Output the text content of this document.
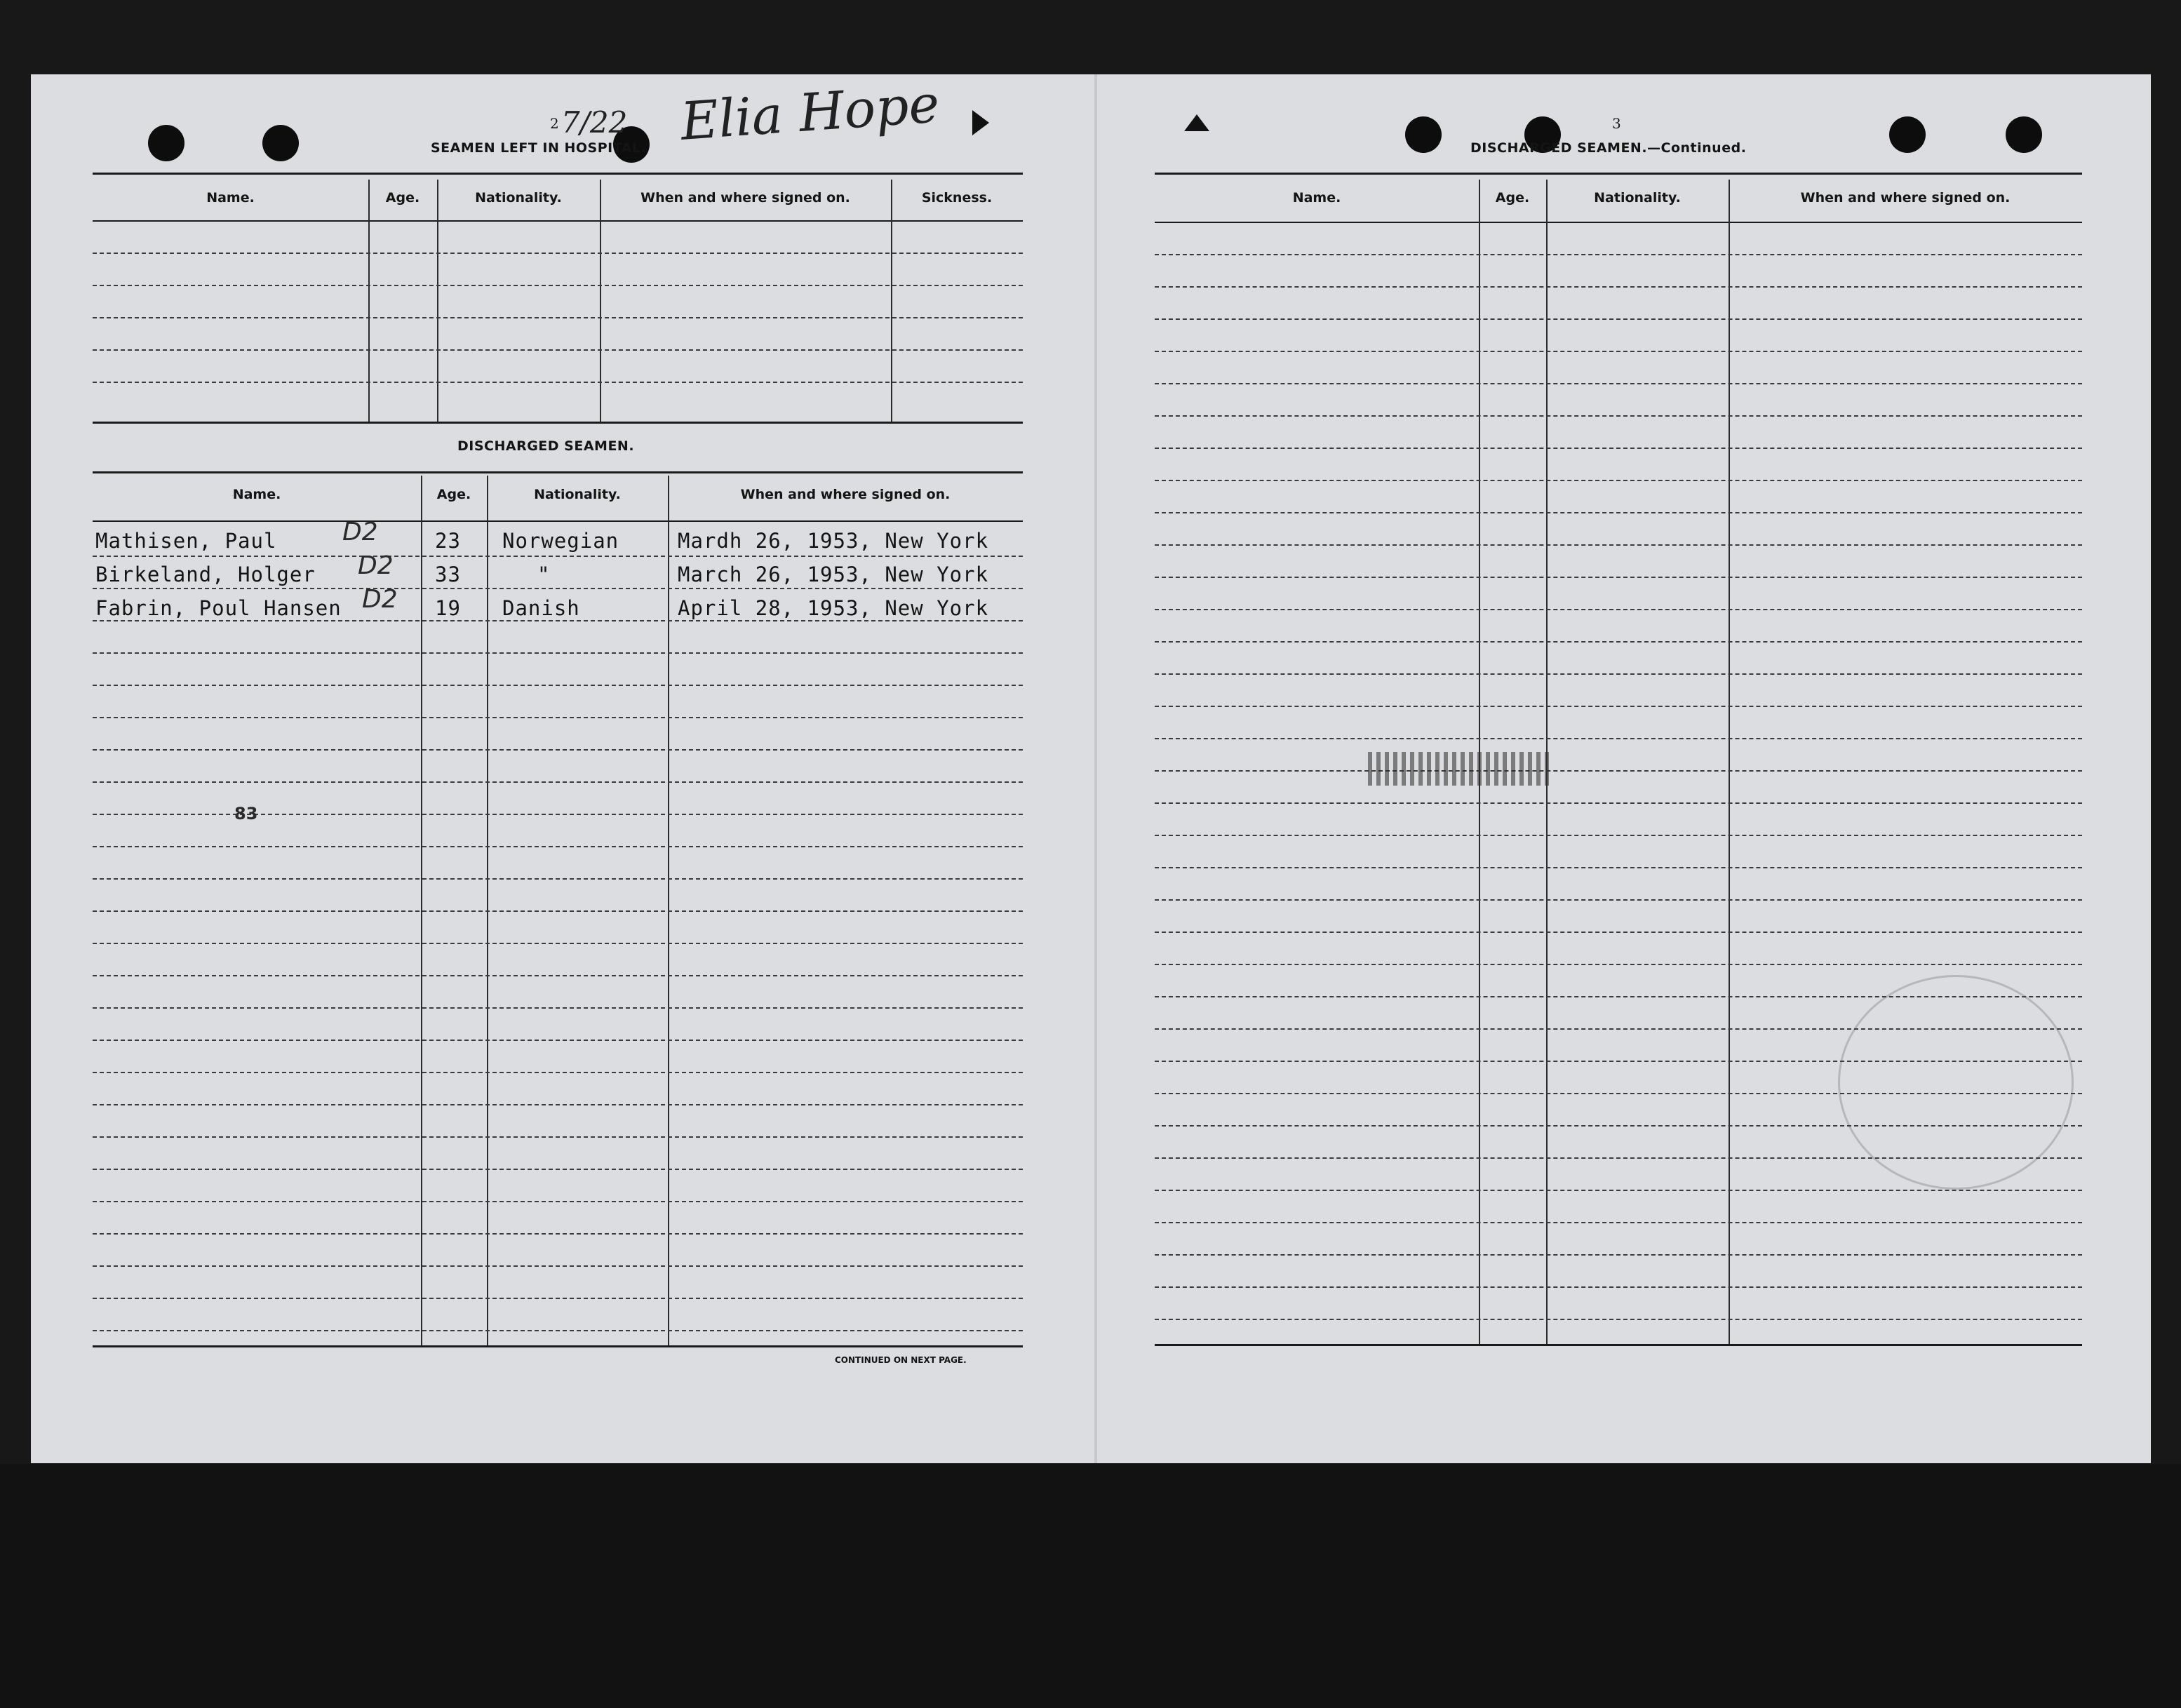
2 7/22 Elia Hope
SEAMEN LEFT IN HOSPITAL.
Name.	Age.	Nationality.	When and where signed on.	Sickness.
DISCHARGED SEAMEN.
Name.	Age.	Nationality.	When and where signed on.
Mathisen, Paul	D2	23 Norwegian	Mardh 26, 1953, New York
Birkeland, Holger D2 33	"	March 26, 1953, New York
Fabrin, Poul Hansen D2 19 Danish	April 28, 1953, New York
83
CONTINUED ON NEXT PAGE.
3
DISCHARGED SEAMEN.—Continued.
Name.	Age.	Nationality.	When and where signed on.
